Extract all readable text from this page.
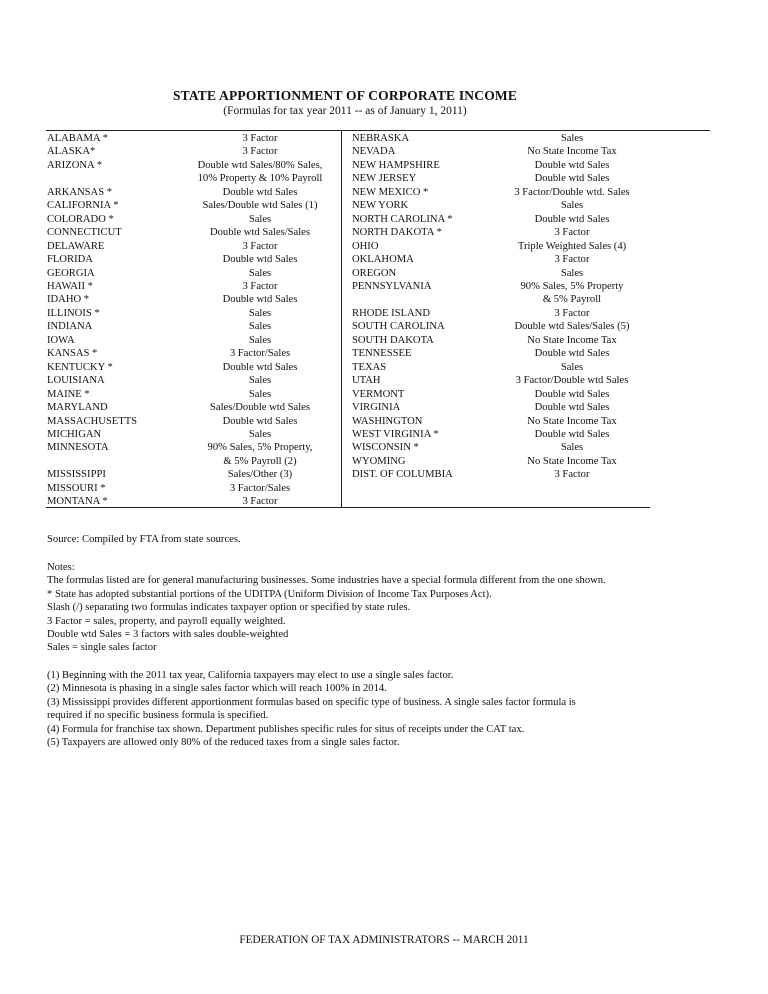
STATE APPORTIONMENT OF CORPORATE INCOME
(Formulas for tax year 2011 -- as of January 1, 2011)
ALABAMA *	3 Factor
ALASKA*	3 Factor
ARIZONA *	Double wtd Sales/80% Sales,
10% Property & 10% Payroll
ARKANSAS *	Double wtd Sales
CALIFORNIA *	Sales/Double wtd Sales (1)
COLORADO *	Sales
CONNECTICUT	Double wtd Sales/Sales
DELAWARE	3 Factor
FLORIDA	Double wtd Sales
GEORGIA	Sales
HAWAII *	3 Factor
IDAHO *	Double wtd Sales
ILLINOIS *	Sales
INDIANA	Sales
IOWA	Sales
KANSAS *	3 Factor/Sales
KENTUCKY *	Double wtd Sales
LOUISIANA	Sales
MAINE *	Sales
MARYLAND	Sales/Double wtd Sales
MASSACHUSETTS	Double wtd Sales
MICHIGAN	Sales
MINNESOTA	90% Sales, 5% Property,
& 5% Payroll (2)
MISSISSIPPI	Sales/Other (3)
MISSOURI *	3 Factor/Sales
MONTANA *	3 Factor
NEBRASKA	Sales
NEVADA	No State Income Tax
NEW HAMPSHIRE	Double wtd Sales
NEW JERSEY	Double wtd Sales
NEW MEXICO *	3 Factor/Double wtd. Sales
NEW YORK	Sales
NORTH CAROLINA *	Double wtd Sales
NORTH DAKOTA *	3 Factor
OHIO	Triple Weighted Sales (4)
OKLAHOMA	3 Factor
OREGON	Sales
PENNSYLVANIA	90% Sales, 5% Property
& 5% Payroll
RHODE ISLAND	3 Factor
SOUTH CAROLINA	Double wtd Sales/Sales (5)
SOUTH DAKOTA	No State Income Tax
TENNESSEE	Double wtd Sales
TEXAS	Sales
UTAH	3 Factor/Double wtd Sales
VERMONT	Double wtd Sales
VIRGINIA	Double wtd Sales
WASHINGTON	No State Income Tax
WEST VIRGINIA *	Double wtd Sales
WISCONSIN *	Sales
WYOMING	No State Income Tax
DIST. OF COLUMBIA	3 Factor
Source: Compiled by FTA from state sources.
Notes:
The formulas listed are for general manufacturing businesses. Some industries have a special formula different from the one shown.
* State has adopted substantial portions of the UDITPA (Uniform Division of Income Tax Purposes Act).
Slash (/) separating two formulas indicates taxpayer option or specified by state rules.
3 Factor = sales, property, and payroll equally weighted.
Double wtd Sales = 3 factors with sales double-weighted
Sales = single sales factor
(1) Beginning with the 2011 tax year, California taxpayers may elect to use a single sales factor.
(2) Minnesota is phasing in a single sales factor which will reach 100% in 2014.
(3) Mississippi provides different apportionment formulas based on specific type of business. A single sales factor formula is
required if no specific business formula is specified.
(4) Formula for franchise tax shown. Department publishes specific rules for situs of receipts under the CAT tax.
(5) Taxpayers are allowed only 80% of the reduced taxes from a single sales factor.
FEDERATION OF TAX ADMINISTRATORS -- MARCH 2011
